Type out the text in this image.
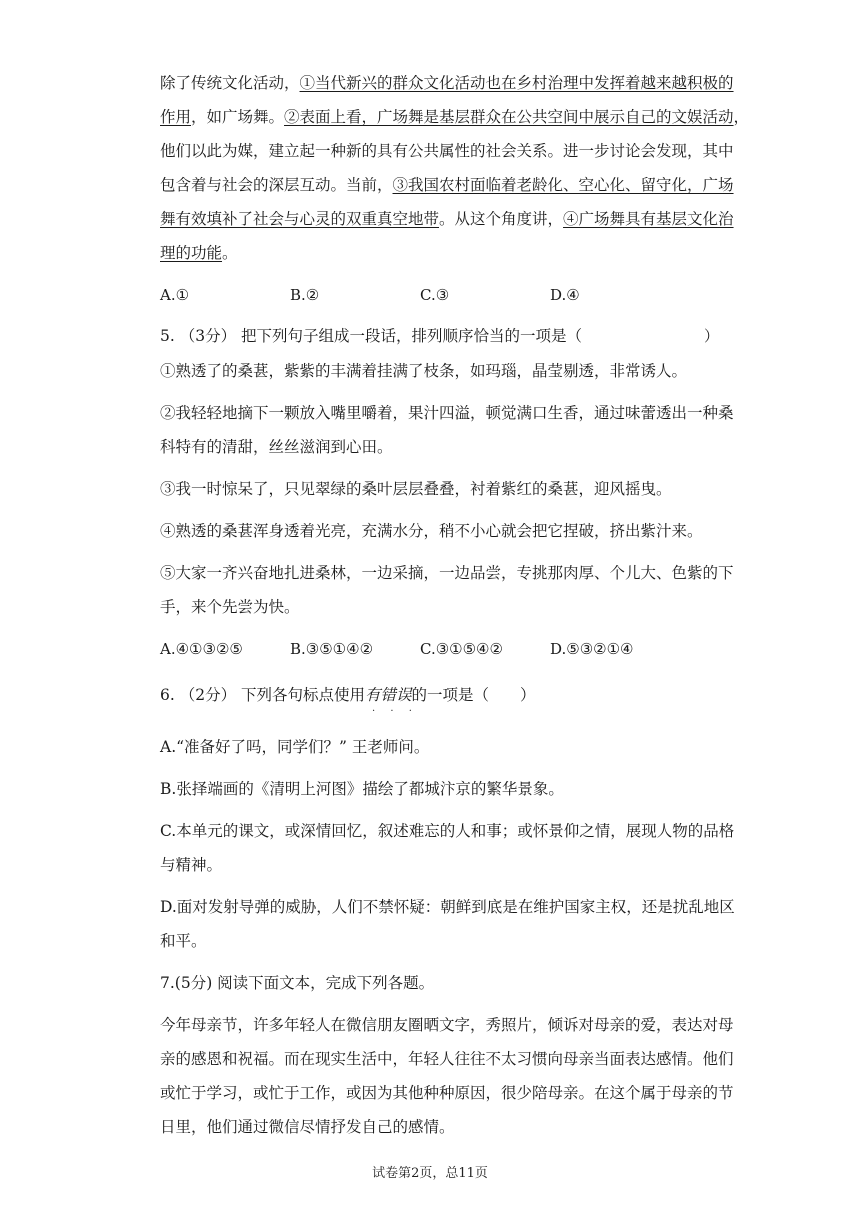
除了传统文化活动，①当代新兴的群众文化活动也在乡村治理中发挥着越来越积极的
作用，如广场舞。②表面上看，广场舞是基层群众在公共空间中展示自己的文娱活动，
他们以此为媒，建立起一种新的具有公共属性的社会关系。进一步讨论会发现，其中
包含着与社会的深层互动。当前，③我国农村面临着老龄化、空心化、留守化，广场
舞有效填补了社会与心灵的双重真空地带。从这个角度讲，④广场舞具有基层文化治
理的功能。
A.①	B.②	C.③	D.④
5. （3分） 把下列句子组成一段话，排列顺序恰当的一项是（	）
①熟透了的桑葚，紫紫的丰满着挂满了枝条，如玛瑙，晶莹剔透，非常诱人。
②我轻轻地摘下一颗放入嘴里嚼着，果汁四溢，顿觉满口生香，通过味蕾透出一种桑
科特有的清甜，丝丝滋润到心田。
③我一时惊呆了，只见翠绿的桑叶层层叠叠，衬着紫红的桑葚，迎风摇曳。
④熟透的桑葚浑身透着光亮，充满水分，稍不小心就会把它捏破，挤出紫汁来。
⑤大家一齐兴奋地扎进桑林，一边采摘，一边品尝，专挑那肉厚、个儿大、色紫的下
手，来个先尝为快。
A.④①③②⑤	B.③⑤①④②	C.③①⑤④②	D.⑤③②①④
6. （2分） 下列各句标点使用有错误的一项是（　　）
· · ·
A.“准备好了吗，同学们？” 王老师问。
B.张择端画的《清明上河图》描绘了都城汴京的繁华景象。
C.本单元的课文，或深情回忆，叙述难忘的人和事；或怀景仰之情，展现人物的品格
与精神。
D.面对发射导弹的威胁，人们不禁怀疑：朝鲜到底是在维护国家主权，还是扰乱地区
和平。
7.(5分) 阅读下面文本，完成下列各题。
今年母亲节，许多年轻人在微信朋友圈晒文字，秀照片，倾诉对母亲的爱，表达对母
亲的感恩和祝福。而在现实生活中，年轻人往往不太习惯向母亲当面表达感情。他们
或忙于学习，或忙于工作，或因为其他种种原因，很少陪母亲。在这个属于母亲的节
日里，他们通过微信尽情抒发自己的感情。
试卷第2页，总11页
